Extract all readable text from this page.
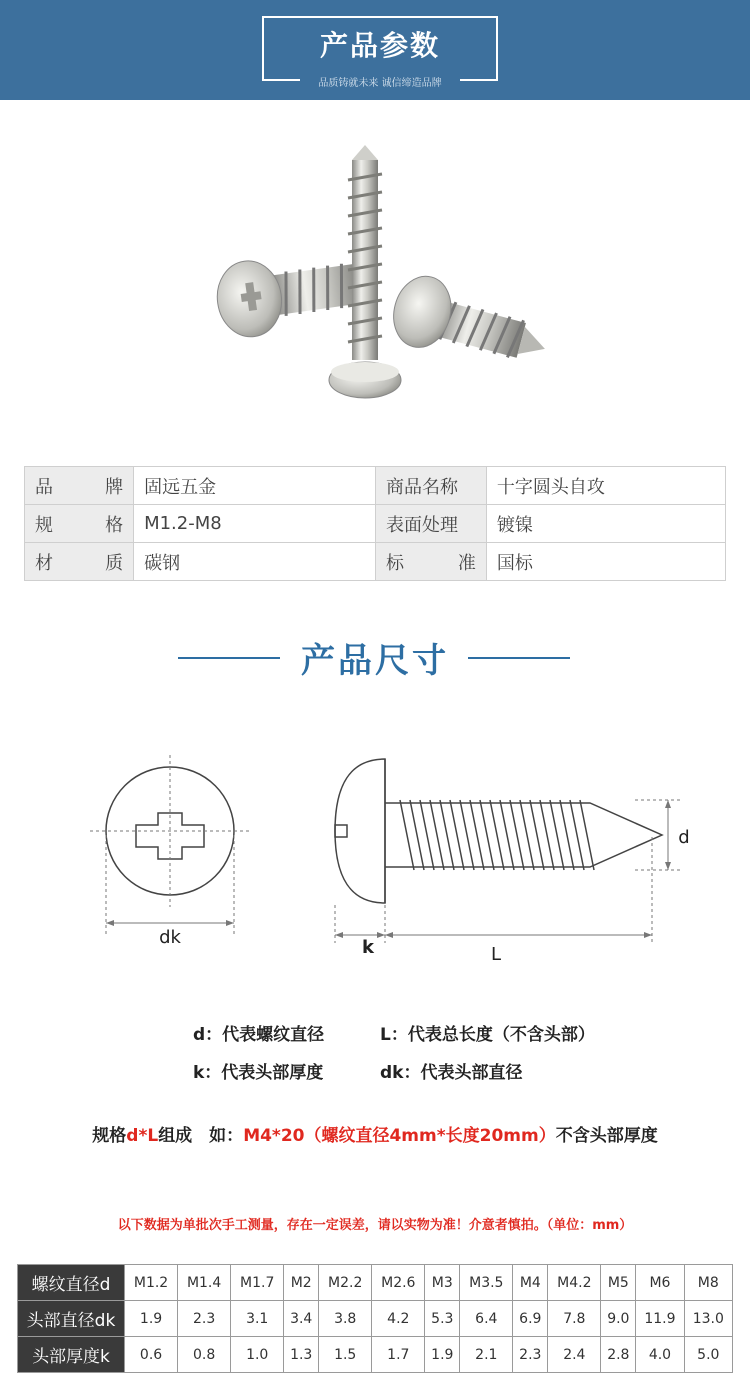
产品参数
品质铸就未来 诚信缔造品牌
品 牌	固远五金	商品名称	十字圆头自攻

规 格	M1.2-M8	表面处理	镀镍

材 质	碳钢	标 准	国标
产品尺寸
dk	k	L
d
d：代表螺纹直径	L：代表总长度（不含头部）
k：代表头部厚度	dk：代表头部直径
规格d*L组成　如：M4*20（螺纹直径4mm*长度20mm）不含头部厚度
以下数据为单批次手工测量，存在一定误差，请以实物为准！介意者慎拍。（单位：mm）
螺纹直径d	M1.2	M1.4	M1.7	M2	M2.2	M2.6	M3	M3.5	M4	M4.2	M5	M6	M8
头部直径dk	1.9	2.3	3.1	3.4	3.8	4.2	5.3	6.4	6.9	7.8	9.0	11.9	13.0
头部厚度k	0.6	0.8	1.0	1.3	1.5	1.7	1.9	2.1	2.3	2.4	2.8	4.0	5.0
